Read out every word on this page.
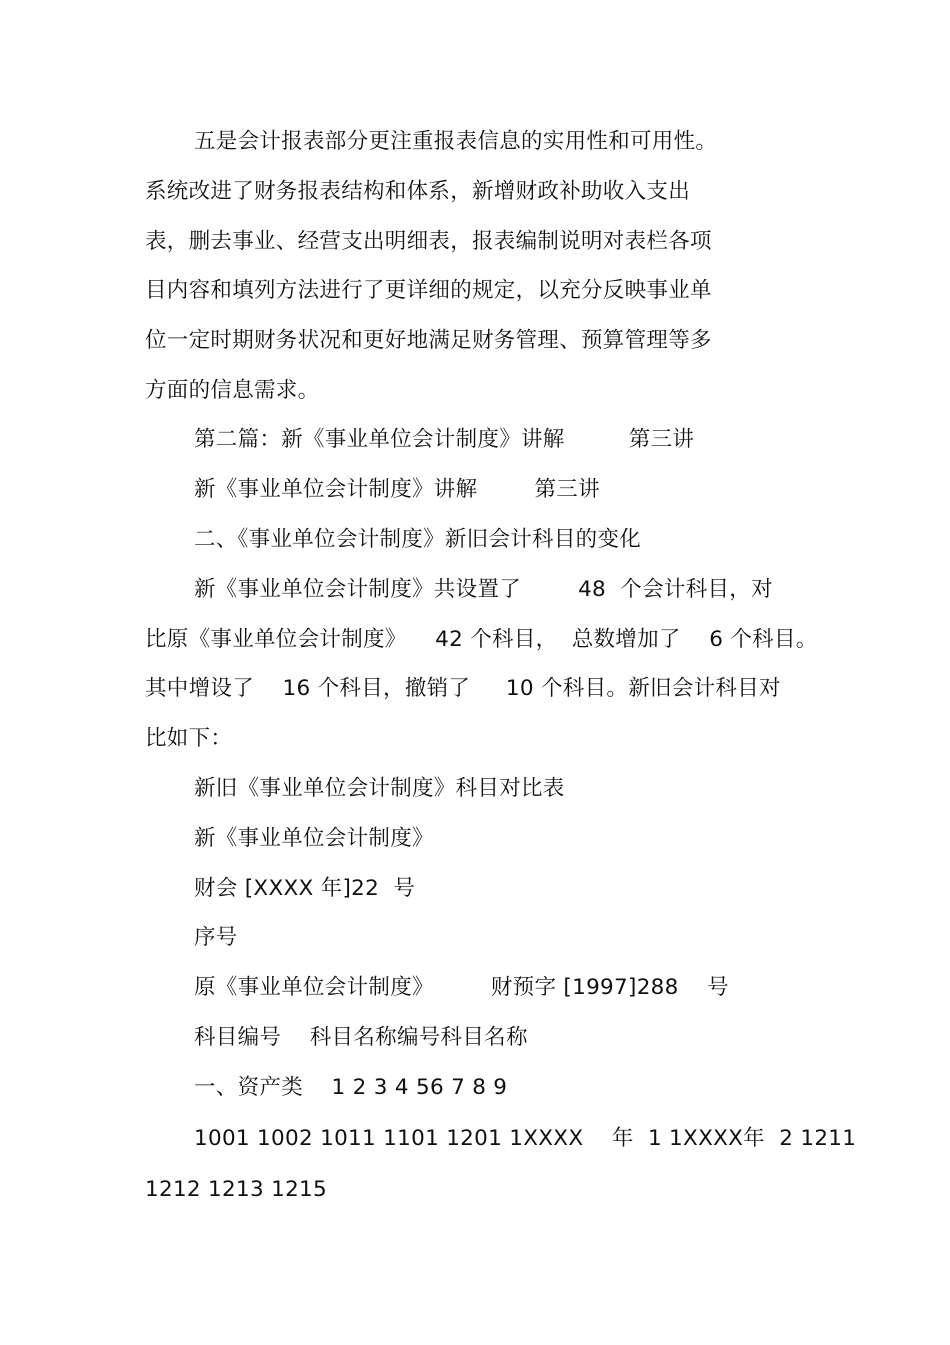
五是会计报表部分更注重报表信息的实用性和可用性。
系统改进了财务报表结构和体系，新增财政补助收入支出
表，删去事业、经营支出明细表，报表编制说明对表栏各项
目内容和填列方法进行了更详细的规定，以充分反映事业单
位一定时期财务状况和更好地满足财务管理、预算管理等多
方面的信息需求。
第二篇：新《事业单位会计制度》讲解         第三讲
新《事业单位会计制度》讲解        第三讲
二、《事业单位会计制度》新旧会计科目的变化
新《事业单位会计制度》共设置了        48  个会计科目，对
比原《事业单位会计制度》    42 个科目，  总数增加了    6 个科目。
其中增设了    16 个科目，撤销了     10 个科目。新旧会计科目对
比如下：
新旧《事业单位会计制度》科目对比表
新《事业单位会计制度》
财会 [XXXX 年]22  号
序号
原《事业单位会计制度》        财预字 [1997]288    号
科目编号    科目名称编号科目名称
一、资产类    1 2 3 4 56 7 8 9
1001 1002 1011 1101 1201 1XXXX    年  1 1XXXX年  2 1211
1212 1213 1215
